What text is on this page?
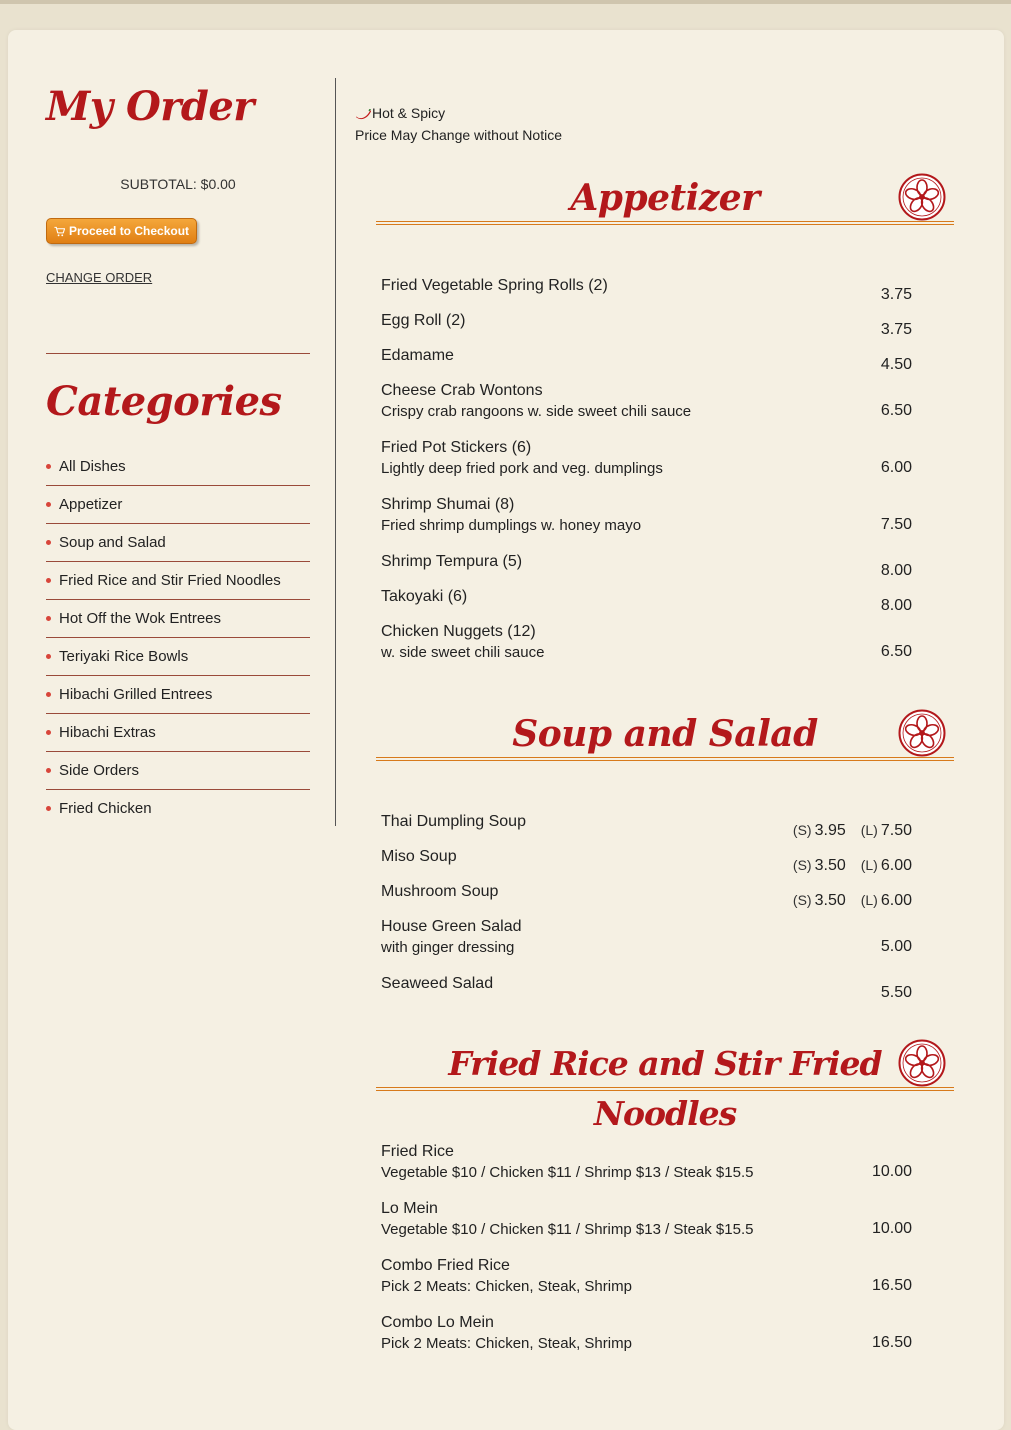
My Order
SUBTOTAL: $0.00
Proceed to Checkout
CHANGE ORDER
Categories
All Dishes
Appetizer
Soup and Salad
Fried Rice and Stir Fried Noodles
Hot Off the Wok Entrees
Teriyaki Rice Bowls
Hibachi Grilled Entrees
Hibachi Extras
Side Orders
Fried Chicken
Hot & Spicy
Price May Change without Notice
Appetizer
Fried Vegetable Spring Rolls (2)	3.75
Egg Roll (2)	3.75
Edamame	4.50
Cheese Crab Wontons
Crispy crab rangoons w. side sweet chili sauce	6.50
Fried Pot Stickers (6)
Lightly deep fried pork and veg. dumplings	6.00
Shrimp Shumai (8)
Fried shrimp dumplings w. honey mayo	7.50
Shrimp Tempura (5)	8.00
Takoyaki (6)	8.00
Chicken Nuggets (12)
w. side sweet chili sauce	6.50
Soup and Salad
Thai Dumpling Soup	(S) 3.95 (L) 7.50
Miso Soup	(S) 3.50 (L) 6.00
Mushroom Soup	(S) 3.50 (L) 6.00
House Green Salad
with ginger dressing	5.00
Seaweed Salad	5.50
Fried Rice and Stir Fried Noodles
Fried Rice
Vegetable $10 / Chicken $11 / Shrimp $13 / Steak $15.5	10.00
Lo Mein
Vegetable $10 / Chicken $11 / Shrimp $13 / Steak $15.5	10.00
Combo Fried Rice
Pick 2 Meats: Chicken, Steak, Shrimp	16.50
Combo Lo Mein
Pick 2 Meats: Chicken, Steak, Shrimp	16.50
